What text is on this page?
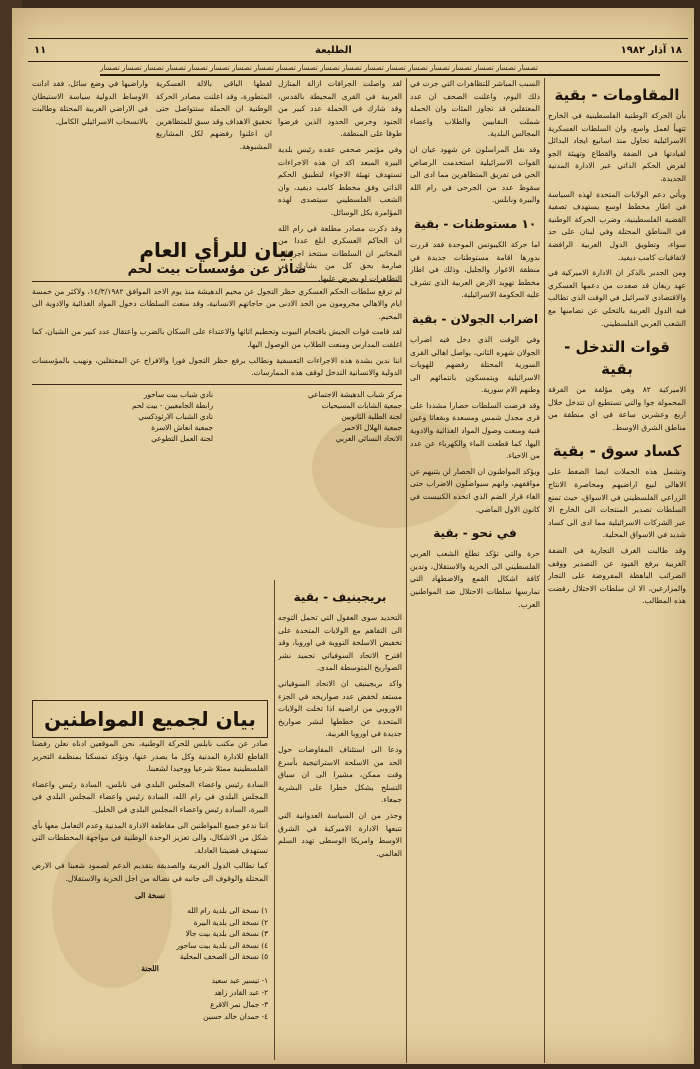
١٨ آذار ١٩٨٢
الطليعة
١١
تصسار تصسار تصسار تصسار تصسار تصسار تصسار تصسار تصسار تصسار تصسار تصسار تصسار تصسار تصسار تصسار تصسار تصسار تصسار تصسار
المقاومات - بقية

بأن الحركة الوطنية الفلسطينية في الخارج تتهيأ لعمل واسع، وان السلطات العسكرية الاسرائيلية تحاول منذ اسابيع ايجاد البدائل لقيادتها في الضفة والقطاع وتهيئة الجو لفرض الحكم الذاتي عبر الادارة المدنية الجديدة.

ويأتي دعم الولايات المتحدة لهذه السياسة في اطار مخطط اوسع يستهدف تصفية القضية الفلسطينية، وضرب الحركة الوطنية في المناطق المحتلة وفي لبنان على حد سواء، وتطويق الدول العربية الرافضة لاتفاقيات كامب ديفيد.

ومن الجدير بالذكر ان الادارة الاميركية في عهد ريغان قد صعدت من دعمها العسكري والاقتصادي لاسرائيل في الوقت الذي تطالب فيه الدول العربية بالتخلي عن تضامنها مع الشعب العربي الفلسطيني.

قوات التدخل - بقية

الاميركية ٨٢ وهي مؤلفة من الفرقة المحمولة جوا والتي تستطيع ان تتدخل خلال اربع وعشرين ساعة في اي منطقة من مناطق الشرق الاوسط.

كساد سوق - بقية

وتشمل هذه الحملات ايضا الضغط على الاهالي لبيع اراضيهم ومحاصرة الانتاج الزراعي الفلسطيني في الاسواق، حيث تمنع السلطات تصدير المنتجات الى الخارج الا عبر الشركات الاسرائيلية مما ادى الى كساد شديد في الاسواق المحلية.

وقد طالبت الغرف التجارية في الضفة الغربية برفع القيود عن التصدير ووقف الضرائب الباهظة المفروضة على التجار والمزارعين، الا ان سلطات الاحتلال رفضت هذه المطالب.

السبب المباشر للتظاهرات التي جرت في ذلك اليوم، واعلنت الصحف ان عدد المعتقلين قد تجاوز المئات وان الحملة شملت النقابيين والطلاب واعضاء المجالس البلدية.

وقد نقل المراسلون عن شهود عيان ان القوات الاسرائيلية استخدمت الرصاص الحي في تفريق المتظاهرين مما ادى الى سقوط عدد من الجرحى في رام الله والبيرة ونابلس.

١٠ مستوطنات - بقية

اما حركة الكيبوتس الموحدة فقد قررت بدورها اقامة مستوطنات جديدة في منطقة الاغوار والجليل، وذلك في اطار مخطط تهويد الارض العربية الذي تشرف عليه الحكومة الاسرائيلية.

اضراب الجولان - بقية

وفي الوقت الذي دخل فيه اضراب الجولان شهره الثاني، يواصل اهالي القرى السورية المحتلة رفضهم للهويات الاسرائيلية ويتمسكون بانتمائهم الى وطنهم الام سورية.

وقد فرضت السلطات حصارا مشددا على قرى مجدل شمس ومسعدة وبقعاثا وعين قنية ومنعت وصول المواد الغذائية والادوية اليها، كما قطعت الماء والكهرباء عن عدد من الاحياء.

ويؤكد المواطنون ان الحصار لن يثنيهم عن مواقفهم، وانهم سيواصلون الاضراب حتى الغاء قرار الضم الذي اتخذه الكنيست في كانون الاول الماضي.

في نحو - بقية

حرة والتي تؤكد تطلع الشعب العربي الفلسطيني الى الحرية والاستقلال، وتدين كافة اشكال القمع والاضطهاد التي تمارسها سلطات الاحتلال ضد المواطنين العرب.

لقد واصلت الجرافات ازالة المنازل العربية في القرى المحيطة بالقدس، وقد شارك في الحملة عدد كبير من الجنود وحرس الحدود الذين فرضوا طوقا على المنطقة.

وفي مؤتمر صحفي عقده رئيس بلدية البيرة المبعد اكد ان هذه الاجراءات تستهدف تهيئة الاجواء لتطبيق الحكم الذاتي وفق مخطط كامب ديفيد، وان الشعب الفلسطيني سيتصدى لهذه المؤامرة بكل الوسائل.

وقد ذكرت مصادر مطلعة في رام الله ان الحاكم العسكري ابلغ عددا من المخاتير ان السلطات ستتخذ اجراءات صارمة بحق كل من يشارك في التظاهرات او يحرض عليها.

لقطها الباقي بالالة العسكرية المتطورة، وقد اعلنت مصادر الحركة الوطنية ان الحملة ستتواصل حتى تحقيق الاهداف وقد سبق للمتظاهرين ان اعلنوا رفضهم لكل المشاريع المشبوهة.

واراضيها في وضع سائل، فقد ادانت الاوساط الدولية سياسة الاستيطان في الاراضي العربية المحتلة وطالبت بالانسحاب الاسرائيلي الكامل.

بيان للرأي العام
صادر عن مؤسسات بيت لحم

لم ترفع سلطات الحكم العسكري حظر التجول عن مخيم الدهيشة منذ يوم الاحد الموافق ١٤/٣/١٩٨٢، ولاكثر من خمسة ايام والاهالي محرومون من الحد الادنى من حاجاتهم الانسانية، وقد منعت السلطات دخول المواد الغذائية والادوية الى المخيم.

لقد قامت قوات الجيش باقتحام البيوت وتحطيم اثاثها والاعتداء على السكان بالضرب واعتقال عدد كبير من الشبان، كما اغلقت المدارس ومنعت الطلاب من الوصول اليها.

اننا ندين بشدة هذه الاجراءات التعسفية ونطالب برفع حظر التجول فورا والافراج عن المعتقلين، ونهيب بالمؤسسات الدولية والانسانية التدخل لوقف هذه الممارسات.

مركز شباب الدهيشة الاجتماعي
نادي شباب بيت ساحور
جمعية الشابات المسيحيات
رابطة الجامعيين - بيت لحم
لجنة الطلبة الثانويين
نادي الشباب الارثوذكسي
جمعية الهلال الاحمر
جمعية انعاش الاسرة
الاتحاد النسائي العربي
لجنة العمل التطوعي
بريجينيف - بقية

التحديد سوى العقول التي تحمل التوجه الى التفاهم مع الولايات المتحدة على تخفيض الاسلحة النووية في اوروبا، وقد اقترح الاتحاد السوفياتي تجميد نشر الصواريخ المتوسطة المدى.

واكد بريجينيف ان الاتحاد السوفياتي مستعد لخفض عدد صواريخه في الجزء الاوروبي من اراضيه اذا تخلت الولايات المتحدة عن خططها لنشر صواريخ جديدة في اوروبا الغربية.

ودعا الى استئناف المفاوضات حول الحد من الاسلحة الاستراتيجية بأسرع وقت ممكن، مشيرا الى ان سباق التسلح يشكل خطرا على البشرية جمعاء.

وحذر من ان السياسة العدوانية التي تتبعها الادارة الاميركية في الشرق الاوسط وامريكا الوسطى تهدد السلم العالمي.

بيان لجميع المواطنين

صادر عن مكتب نابلس للحركة الوطنية، نحن الموقعين ادناه نعلن رفضنا القاطع للادارة المدنية وكل ما يصدر عنها، ونؤكد تمسكنا بمنظمة التحرير الفلسطينية ممثلا شرعيا ووحيدا لشعبنا.

السادة رئيس واعضاء المجلس البلدي في نابلس، السادة رئيس واعضاء المجلس البلدي في رام الله، السادة رئيس واعضاء المجلس البلدي في البيرة، السادة رئيس واعضاء المجلس البلدي في الخليل.

اننا ندعو جميع المواطنين الى مقاطعة الادارة المدنية وعدم التعامل معها بأي شكل من الاشكال، والى تعزيز الوحدة الوطنية في مواجهة المخططات التي تستهدف قضيتنا العادلة.

كما نطالب الدول العربية والصديقة بتقديم الدعم لصمود شعبنا في الارض المحتلة والوقوف الى جانبه في نضاله من اجل الحرية والاستقلال.

نسخة الى

١) نسخة الى بلدية رام الله

٢) نسخة الى بلدية البيرة

٣) نسخة الى بلدية بيت جالا

٤) نسخة الى بلدية بيت ساحور

٥) نسخة الى الصحف المحلية

اللجنة

١- تيسير عبد سعيد

٢- عبد القادر زاهد

٣- جمال نمر الاقرع

٤- حمدان خالد حسين
